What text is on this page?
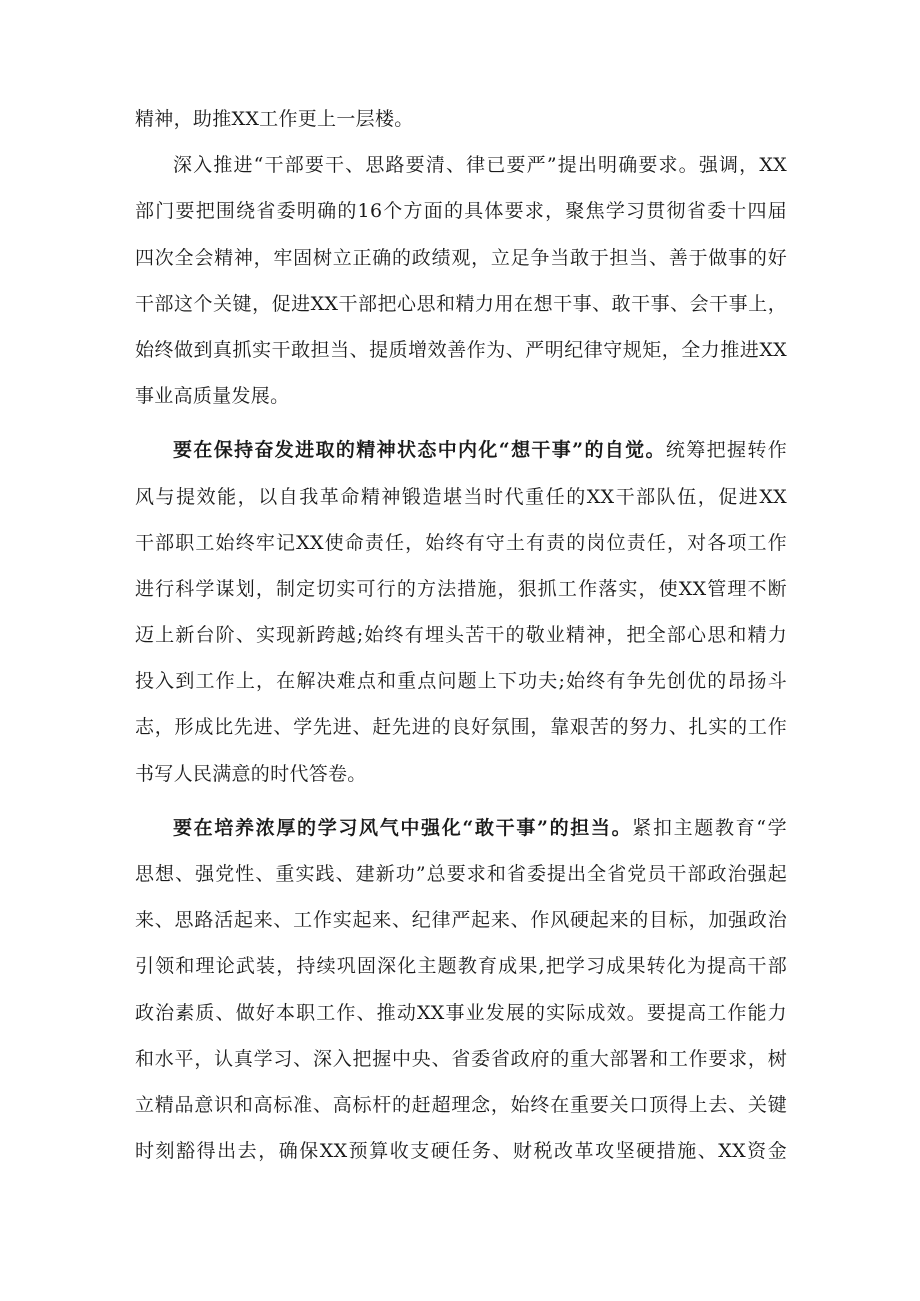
精神，助推XX工作更上一层楼。
深入推进“干部要干、思路要清、律已要严”提出明确要求。强调，XX
部门要把围绕省委明确的16个方面的具体要求，聚焦学习贯彻省委十四届
四次全会精神，牢固树立正确的政绩观，立足争当敢于担当、善于做事的好
干部这个关键，促进XX干部把心思和精力用在想干事、敢干事、会干事上，
始终做到真抓实干敢担当、提质增效善作为、严明纪律守规矩，全力推进XX
事业高质量发展。
要在保持奋发进取的精神状态中内化“想干事”的自觉。统筹把握转作
风与提效能，以自我革命精神锻造堪当时代重任的XX干部队伍，促进XX
干部职工始终牢记XX使命责任，始终有守土有责的岗位责任，对各项工作
进行科学谋划，制定切实可行的方法措施，狠抓工作落实，使XX管理不断
迈上新台阶、实现新跨越;始终有埋头苦干的敬业精神，把全部心思和精力
投入到工作上，在解决难点和重点问题上下功夫;始终有争先创优的昂扬斗
志，形成比先进、学先进、赶先进的良好氛围，靠艰苦的努力、扎实的工作
书写人民满意的时代答卷。
要在培养浓厚的学习风气中强化“敢干事”的担当。紧扣主题教育“学
思想、强党性、重实践、建新功”总要求和省委提出全省党员干部政治强起
来、思路活起来、工作实起来、纪律严起来、作风硬起来的目标，加强政治
引领和理论武装，持续巩固深化主题教育成果,把学习成果转化为提高干部
政治素质、做好本职工作、推动XX事业发展的实际成效。要提高工作能力
和水平，认真学习、深入把握中央、省委省政府的重大部署和工作要求，树
立精品意识和高标准、高标杆的赶超理念，始终在重要关口顶得上去、关键
时刻豁得出去，确保XX预算收支硬任务、财税改革攻坚硬措施、XX资金
